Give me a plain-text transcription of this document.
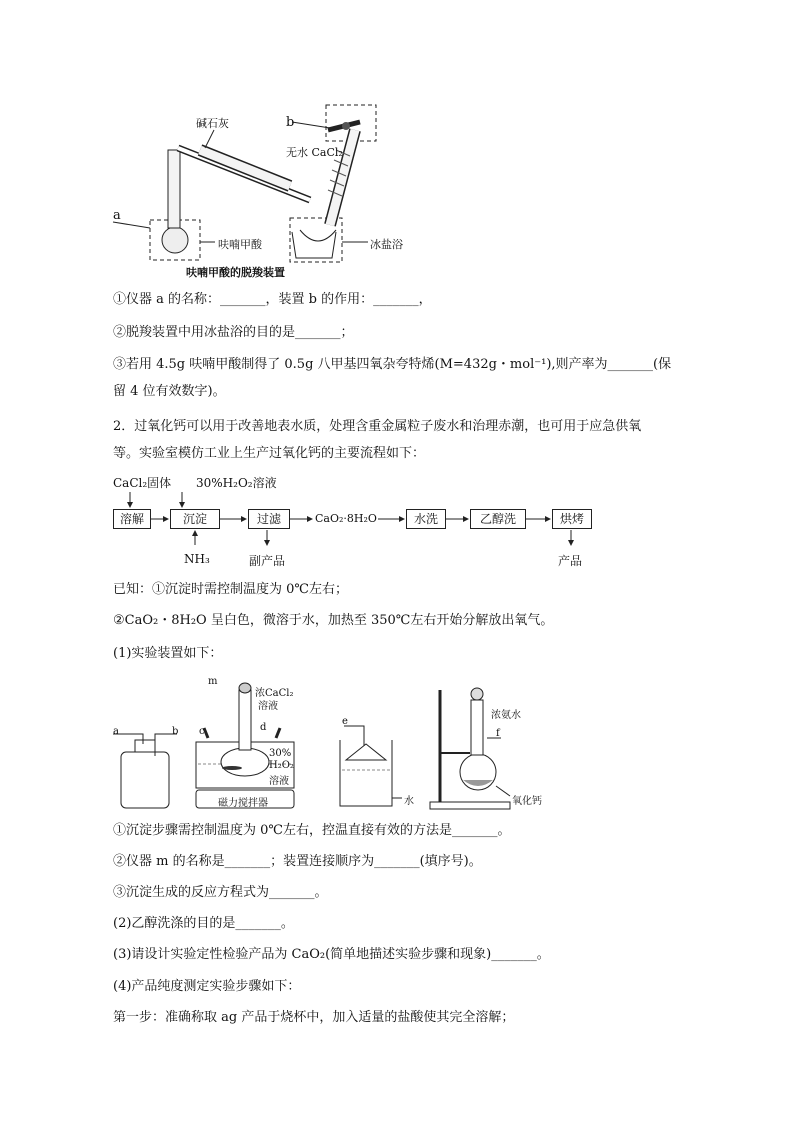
b
a
碱石灰
无水 CaCl₂
呋喃甲酸	冰盐浴
呋喃甲酸的脱羧装置
①仪器 a 的名称：_______，装置 b 的作用：_______，
②脱羧装置中用冰盐浴的目的是_______；
③若用 4.5g 呋喃甲酸制得了 0.5g 八甲基四氧杂夸特烯(M=432g・mol⁻¹),则产率为_______(保
留 4 位有效数字)。
2．过氧化钙可以用于改善地表水质，处理含重金属粒子废水和治理赤潮，也可用于应急供氧
等。实验室模仿工业上生产过氧化钙的主要流程如下：
CaCl₂固体 30%H₂O₂溶液
溶解	沉淀	过滤	CaO₂·8H₂O	水洗	乙醇洗	烘烤
NH₃	副产品	产品
已知：①沉淀时需控制温度为 0℃左右；
②CaO₂・8H₂O 呈白色，微溶于水，加热至 350℃左右开始分解放出氧气。
(1)实验装置如下：
a	b
m
浓CaCl₂
溶液
c	d
30%
H₂O₂
溶液
磁力搅拌器
e
水
浓氨水
f
氧化钙
①沉淀步骤需控制温度为 0℃左右，控温直接有效的方法是_______。
②仪器 m 的名称是_______；装置连接顺序为_______(填序号)。
③沉淀生成的反应方程式为_______。
(2)乙醇洗涤的目的是_______。
(3)请设计实验定性检验产品为 CaO₂(简单地描述实验步骤和现象)_______。
(4)产品纯度测定实验步骤如下：
第一步：准确称取 ag 产品于烧杯中，加入适量的盐酸使其完全溶解；
